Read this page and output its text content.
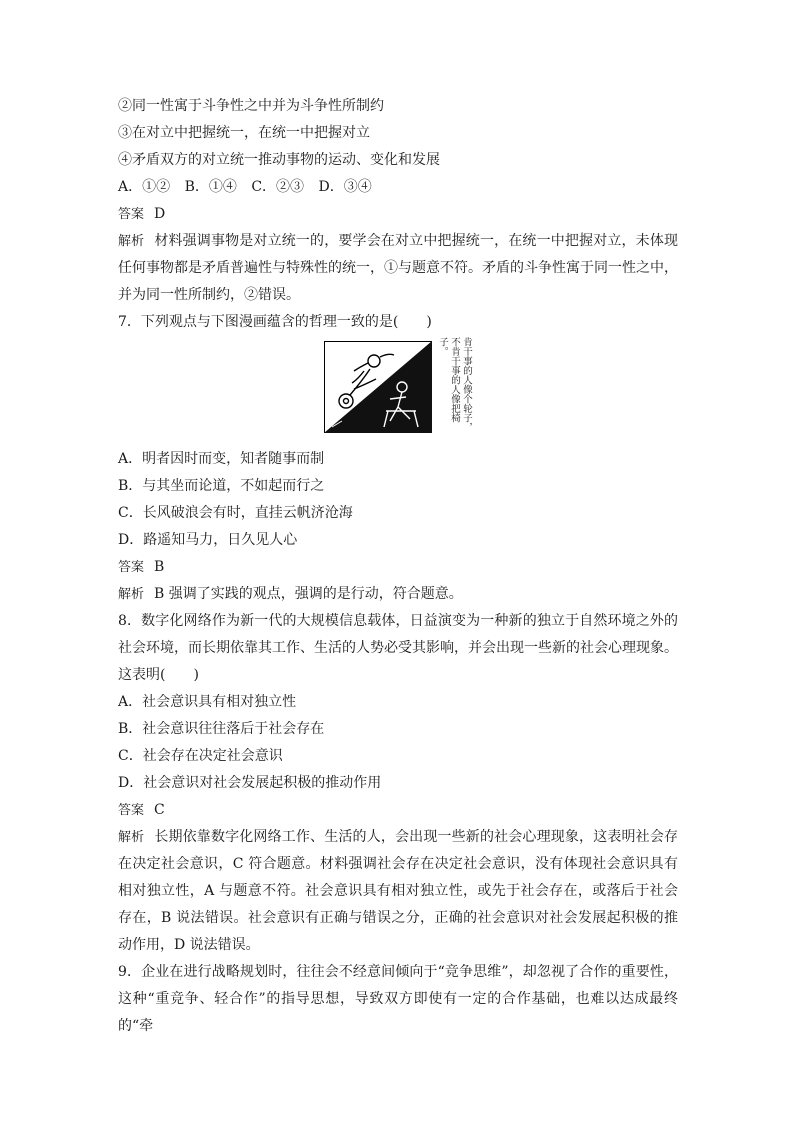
②同一性寓于斗争性之中并为斗争性所制约
③在对立中把握统一，在统一中把握对立
④矛盾双方的对立统一推动事物的运动、变化和发展
A．①② B．①④ C．②③ D．③④
答案 D
解析 材料强调事物是对立统一的，要学会在对立中把握统一，在统一中把握对立，未体现任何事物都是矛盾普遍性与特殊性的统一，①与题意不符。矛盾的斗争性寓于同一性之中，并为同一性所制约，②错误。
7．下列观点与下图漫画蕴含的哲理一致的是(　　)
肯干事的人像个轮子，
不肯干事的人像把椅子。
A．明者因时而变，知者随事而制
B．与其坐而论道，不如起而行之
C．长风破浪会有时，直挂云帆济沧海
D．路遥知马力，日久见人心
答案 B
解析 B 强调了实践的观点，强调的是行动，符合题意。
8．数字化网络作为新一代的大规模信息载体，日益演变为一种新的独立于自然环境之外的社会环境，而长期依靠其工作、生活的人势必受其影响，并会出现一些新的社会心理现象。这表明(　　)
A．社会意识具有相对独立性
B．社会意识往往落后于社会存在
C．社会存在决定社会意识
D．社会意识对社会发展起积极的推动作用
答案 C
解析 长期依靠数字化网络工作、生活的人，会出现一些新的社会心理现象，这表明社会存在决定社会意识，C 符合题意。材料强调社会存在决定社会意识，没有体现社会意识具有相对独立性，A 与题意不符。社会意识具有相对独立性，或先于社会存在，或落后于社会存在，B 说法错误。社会意识有正确与错误之分，正确的社会意识对社会发展起积极的推动作用，D 说法错误。
9．企业在进行战略规划时，往往会不经意间倾向于“竞争思维”，却忽视了合作的重要性，这种“重竞争、轻合作”的指导思想，导致双方即使有一定的合作基础，也难以达成最终的“牵
